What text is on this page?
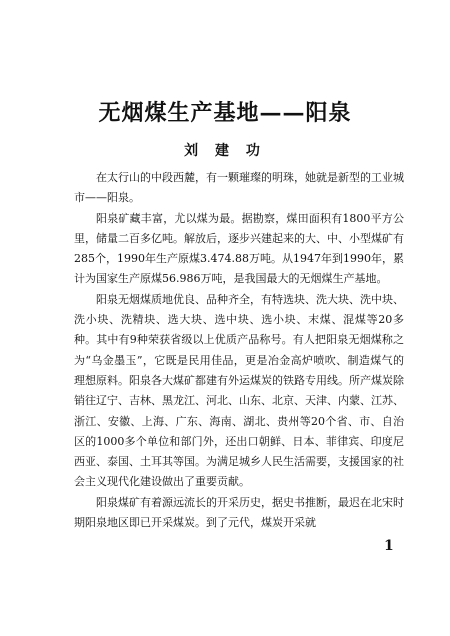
无烟煤生产基地——阳泉
刘 建 功

在太行山的中段西麓，有一颗璀璨的明珠，她就是新型的工业城市——阳泉。

阳泉矿藏丰富，尤以煤为最。据勘察，煤田面积有1800平方公里，储量二百多亿吨。解放后，逐步兴建起来的大、中、小型煤矿有285个，1990年生产原煤3.474.88万吨。从1947年到1990年，累计为国家生产原煤56.986万吨，是我国最大的无烟煤生产基地。

阳泉无烟煤质地优良、品种齐全，有特选块、洗大块、洗中块、洗小块、洗精块、选大块、选中块、选小块、末煤、混煤等20多种。其中有9种荣获省级以上优质产品称号。有人把阳泉无烟煤称之为“乌金墨玉”，它既是民用佳品，更是冶金高炉喷吹、制造煤气的理想原料。阳泉各大煤矿都建有外运煤炭的铁路专用线。所产煤炭除销往辽宁、吉林、黑龙江、河北、山东、北京、天津、内蒙、江苏、浙江、安徽、上海、广东、海南、湖北、贵州等20个省、市、自治区的1000多个单位和部门外，还出口朝鲜、日本、菲律宾、印度尼西亚、泰国、土耳其等国。为满足城乡人民生活需要，支援国家的社会主义现代化建设做出了重要贡献。

阳泉煤矿有着源远流长的开采历史，据史书推断，最迟在北宋时期阳泉地区即已开采煤炭。到了元代，煤炭开采就

1
